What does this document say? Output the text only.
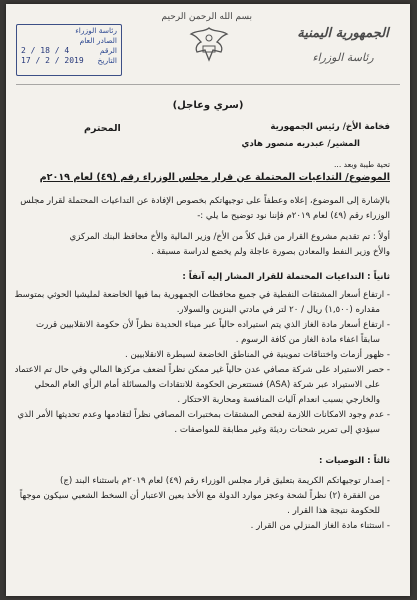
الجمهورية اليمنية
رئاسة الوزراء
بسم الله الرحمن الرحيم
رئاسة الوزراء
الصادر العام
الرقم
4 / 18 / 2
التاريخ
2019 / 2 / 17
(سري وعاجل)
فخامة الأخ/ رئيس الجمهورية
المحترم
المشير/ عبدربه منصور هادي
تحية طيبة وبعد ...
الموضوع/ التداعيات المحتملة عن قرار مجلس الوزراء رقم (٤٩) لعام ٢٠١٩م
بالإشارة إلى الموضوع، إعلاه وعطفاً على توجيهاتكم بخصوص الإفادة عن التداعيات المحتملة لقرار مجلس
الوزراء رقم (٤٩) لعام ٢٠١٩م فإننا نود توضيح ما يلي :-
أولاً : تم تقديم مشروع القرار من قبل كلاً من الأخ/ وزير المالية والأخ محافظ البنك المركزي
والأخ وزير النفط والمعادن بصورة عاجلة ولم يخضع لدراسة مسبقة .
ثانياً : التداعيات المحتملة للقرار المشار إليه آنفاً :
- ارتفاع أسعار المشتقات النفطية في جميع محافظات الجمهورية بما فيها الخاضعة لمليشيا الحوثي بمتوسط
مقداره (١,٥٠٠) ريال / ٢٠ لتر في مادتي البنزين والسولار.
- ارتفاع أسعار مادة الغاز الذي يتم استيراده حالياً عبر ميناء الحديدة نظراً لأن حكومة الانقلابيين قررت
سابقاً اعفاء مادة الغاز من كافة الرسوم .
- ظهور أزمات واختناقات تموينية في المناطق الخاضعة لسيطرة الانقلابيين .
- حصر الاستيراد على شركة مصافي عدن حالياً غير ممكن نظراً لضعف مركزها المالي وفي حال تم الاعتماد
على الاستيراد عبر شركة (ASA) فستتعرض الحكومة للانتقادات والمسائلة أمام الرأي العام المحلي
والخارجي بسبب انعدام آليات المنافسة ومحاربة الاحتكار .
- عدم وجود الامكانات اللازمة لفحص المشتقات بمختبرات المصافي نظراً لتقادمها وعدم تحديثها الأمر الذي
سيؤدي إلى تمرير شحنات رديئة وغير مطابقة للمواصفات .
ثالثاً : التوصيات :
- إصدار توجيهاتكم الكريمة بتعليق قرار مجلس الوزراء رقم (٤٩) لعام ٢٠١٩م باستثناء البند (ج)
من الفقرة (٢) نظراً لشحة وعجز موارد الدولة مع الأخذ بعين الاعتبار أن السخط الشعبي سيكون موجهاً
للحكومة نتيجة هذا القرار .
- استثناء مادة الغاز المنزلي من القرار .
